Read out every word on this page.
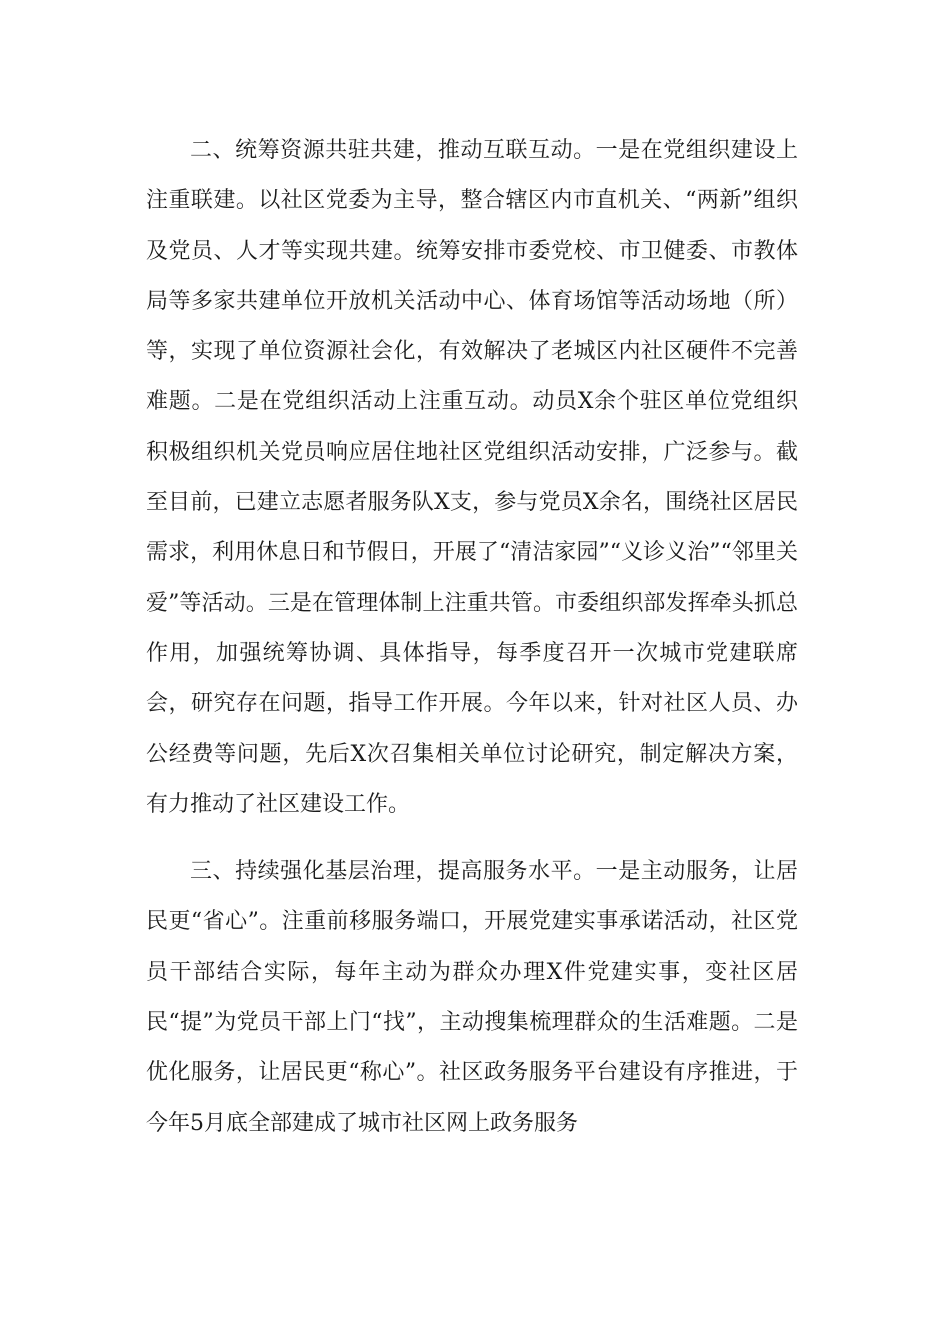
二、统筹资源共驻共建，推动互联互动。一是在党组织建设上注重联建。以社区党委为主导，整合辖区内市直机关、“两新”组织及党员、人才等实现共建。统筹安排市委党校、市卫健委、市教体局等多家共建单位开放机关活动中心、体育场馆等活动场地（所）等，实现了单位资源社会化，有效解决了老城区内社区硬件不完善难题。二是在党组织活动上注重互动。动员X余个驻区单位党组织积极组织机关党员响应居住地社区党组织活动安排，广泛参与。截至目前，已建立志愿者服务队X支，参与党员X余名，围绕社区居民需求，利用休息日和节假日，开展了“清洁家园”“义诊义治”“邻里关爱”等活动。三是在管理体制上注重共管。市委组织部发挥牵头抓总作用，加强统筹协调、具体指导，每季度召开一次城市党建联席会，研究存在问题，指导工作开展。今年以来，针对社区人员、办公经费等问题，先后X次召集相关单位讨论研究，制定解决方案，有力推动了社区建设工作。

三、持续强化基层治理，提高服务水平。一是主动服务，让居民更“省心”。注重前移服务端口，开展党建实事承诺活动，社区党员干部结合实际，每年主动为群众办理X件党建实事，变社区居民“提”为党员干部上门“找”，主动搜集梳理群众的生活难题。二是优化服务，让居民更“称心”。社区政务服务平台建设有序推进，于今年5月底全部建成了城市社区网上政务服务
